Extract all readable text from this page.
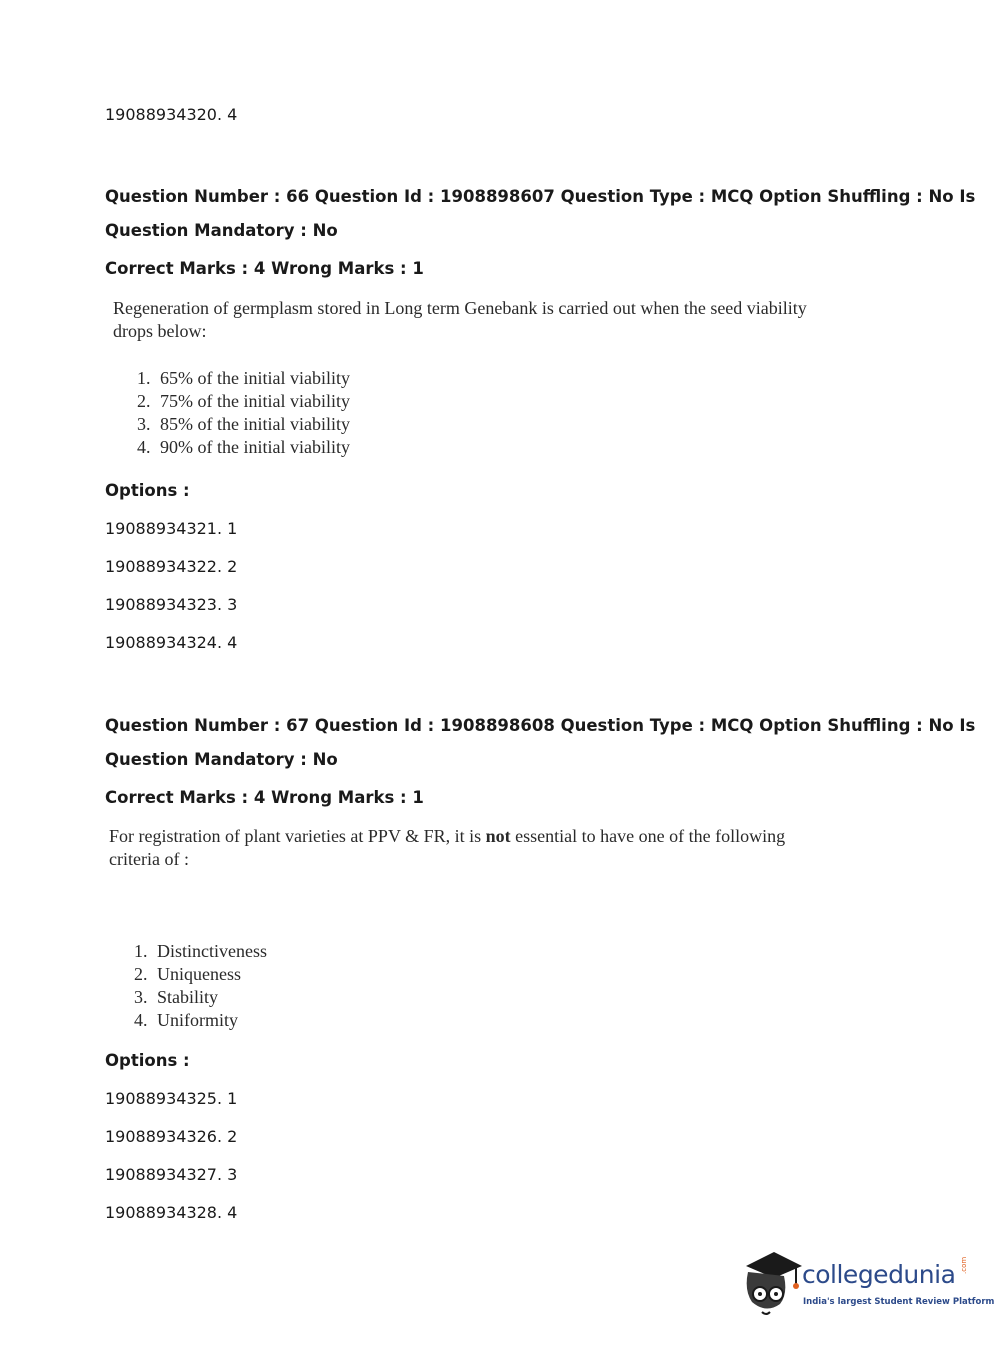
19088934320. 4
Question Number : 66 Question Id : 1908898607 Question Type : MCQ Option Shuffling : No Is
Question Mandatory : No
Correct Marks : 4 Wrong Marks : 1
Regeneration of germplasm stored in Long term Genebank is carried out when the seed viability
drops below:
1. 65% of the initial viability
2. 75% of the initial viability
3. 85% of the initial viability
4. 90% of the initial viability
Options :
19088934321. 1
19088934322. 2
19088934323. 3
19088934324. 4
Question Number : 67 Question Id : 1908898608 Question Type : MCQ Option Shuffling : No Is
Question Mandatory : No
Correct Marks : 4 Wrong Marks : 1
For registration of plant varieties at PPV & FR, it is not essential to have one of the following
criteria of :
1. Distinctiveness
2. Uniqueness
3. Stability
4. Uniformity
Options :
19088934325. 1
19088934326. 2
19088934327. 3
19088934328. 4
collegedunia .com
India's largest Student Review Platform
